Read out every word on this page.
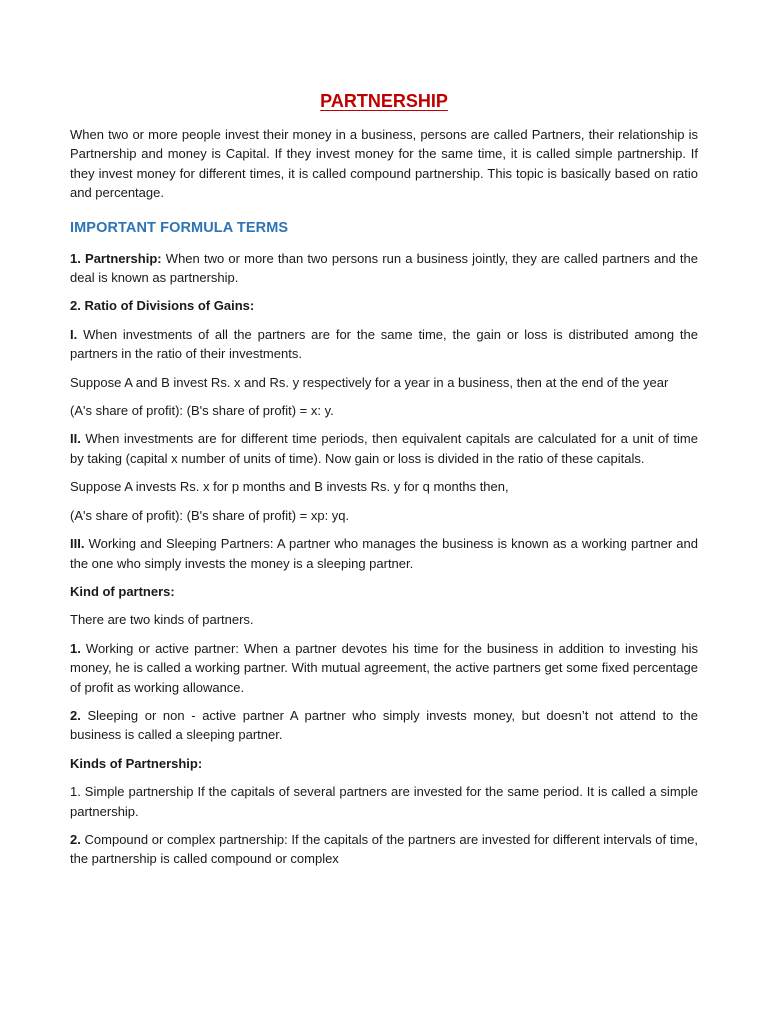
PARTNERSHIP

When two or more people invest their money in a business, persons are called Partners, their relationship is Partnership and money is Capital. If they invest money for the same time, it is called simple partnership. If they invest money for different times, it is called compound partnership. This topic is basically based on ratio and percentage.

IMPORTANT FORMULA TERMS

1. Partnership: When two or more than two persons run a business jointly, they are called partners and the deal is known as partnership.

2. Ratio of Divisions of Gains:

I. When investments of all the partners are for the same time, the gain or loss is distributed among the partners in the ratio of their investments.

Suppose A and B invest Rs. x and Rs. y respectively for a year in a business, then at the end of the year

(A's share of profit): (B's share of profit) = x: y.

II. When investments are for different time periods, then equivalent capitals are calculated for a unit of time by taking (capital x number of units of time). Now gain or loss is divided in the ratio of these capitals.

Suppose A invests Rs. x for p months and B invests Rs. y for q months then,

(A's share of profit): (B's share of profit) = xp: yq.

III. Working and Sleeping Partners: A partner who manages the business is known as a working partner and the one who simply invests the money is a sleeping partner.

Kind of partners:

There are two kinds of partners.

1. Working or active partner: When a partner devotes his time for the business in addition to investing his money, he is called a working partner. With mutual agreement, the active partners get some fixed percentage of profit as working allowance.

2. Sleeping or non - active partner A partner who simply invests money, but doesn’t not attend to the business is called a sleeping partner.

Kinds of Partnership:

1. Simple partnership If the capitals of several partners are invested for the same period. It is called a simple partnership.

2. Compound or complex partnership: If the capitals of the partners are invested for different intervals of time, the partnership is called compound or complex
